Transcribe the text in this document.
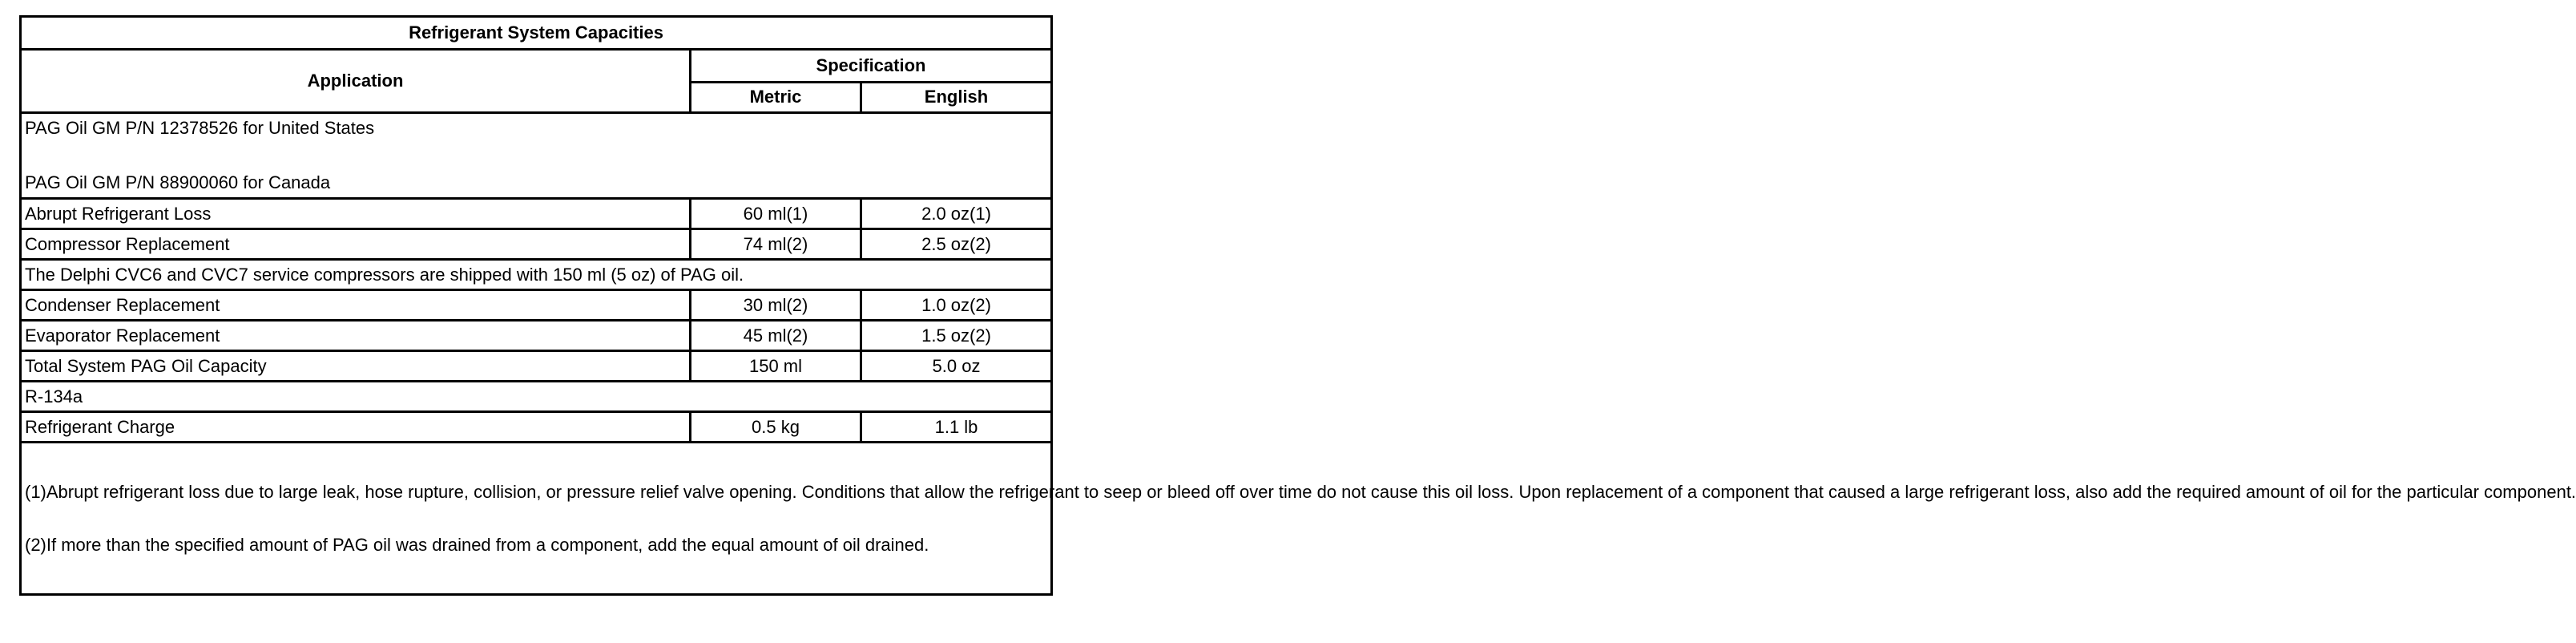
Refrigerant System Capacities		
Application	Specification	
	Metric	English

PAG Oil GM P/N 12378526 for United States
PAG Oil GM P/N 88900060 for Canada		

Abrupt Refrigerant Loss	60 ml(1)	2.0 oz(1)
Compressor Replacement	74 ml(2)	2.5 oz(2)
The Delphi CVC6 and CVC7 service compressors are shipped with 150 ml (5 oz) of PAG oil.		
Condenser Replacement	30 ml(2)	1.0 oz(2)
Evaporator Replacement	45 ml(2)	1.5 oz(2)
Total System PAG Oil Capacity	150 ml	5.0 oz
R-134a		
Refrigerant Charge	0.5 kg	1.1 lb

(1)Abrupt refrigerant loss due to large leak, hose rupture, collision, or pressure relief valve opening. Conditions that allow the refrigerant to seep or bleed off over time do not cause this oil loss. Upon replacement of a component that caused a large refrigerant loss, also add the required amount of oil for the particular component.
(2)If more than the specified amount of PAG oil was drained from a component, add the equal amount of oil drained.		
